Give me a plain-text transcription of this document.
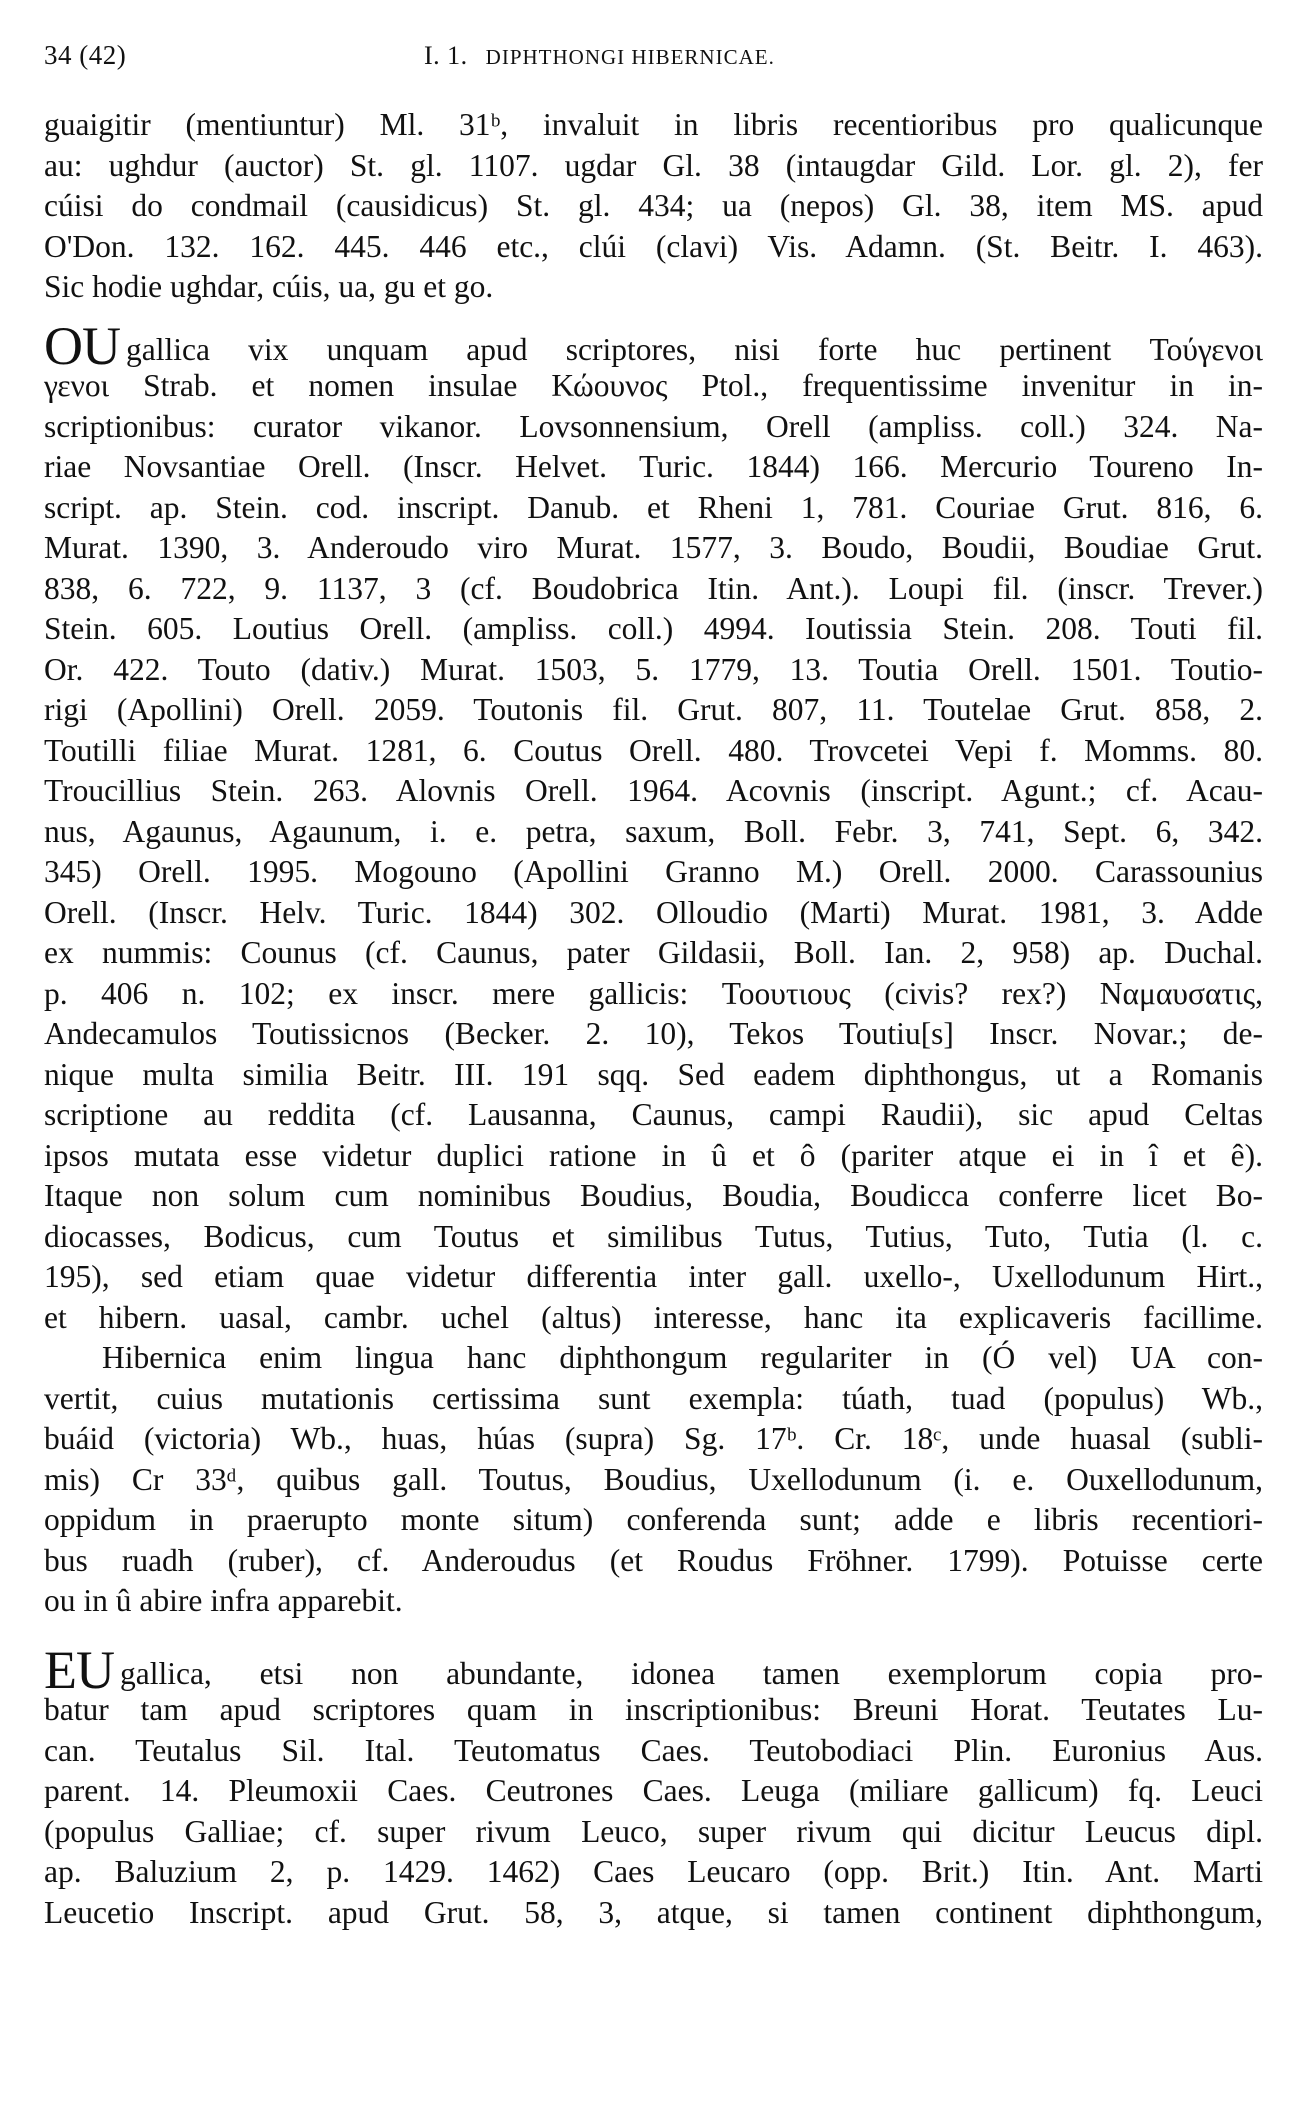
34 (42)	I. 1. DIPHTHONGI HIBERNICAE.
guaigitir (mentiuntur) Ml. 31ᵇ, invaluit in libris recentioribus pro qualicunque
au: ughdur (auctor) St. gl. 1107. ugdar Gl. 38 (intaugdar Gild. Lor. gl. 2), fer
cúisi do condmail (causidicus) St. gl. 434; ua (nepos) Gl. 38, item MS. apud
O'Don. 132. 162. 445. 446 etc., clúi (clavi) Vis. Adamn. (St. Beitr. I. 463).
Sic hodie ughdar, cúis, ua, gu et go.
OU gallica vix unquam apud scriptores, nisi forte huc pertinent Τούγενοι
γενοι Strab. et nomen insulae Κώουνος Ptol., frequentissime invenitur in in-
scriptionibus: curator vikanor. Lovsonnensium, Orell (ampliss. coll.) 324. Na-
riae Novsantiae Orell. (Inscr. Helvet. Turic. 1844) 166. Mercurio Toureno In-
script. ap. Stein. cod. inscript. Danub. et Rheni 1, 781. Couriae Grut. 816, 6.
Murat. 1390, 3. Anderoudo viro Murat. 1577, 3. Boudo, Boudii, Boudiae Grut.
838, 6. 722, 9. 1137, 3 (cf. Boudobrica Itin. Ant.). Loupi fil. (inscr. Trever.)
Stein. 605. Loutius Orell. (ampliss. coll.) 4994. Ioutissia Stein. 208. Touti fil.
Or. 422. Touto (dativ.) Murat. 1503, 5. 1779, 13. Toutia Orell. 1501. Toutio-
rigi (Apollini) Orell. 2059. Toutonis fil. Grut. 807, 11. Toutelae Grut. 858, 2.
Toutilli filiae Murat. 1281, 6. Coutus Orell. 480. Trovcetei Vepi f. Momms. 80.
Troucillius Stein. 263. Alovnis Orell. 1964. Acovnis (inscript. Agunt.; cf. Acau-
nus, Agaunus, Agaunum, i. e. petra, saxum, Boll. Febr. 3, 741, Sept. 6, 342.
345) Orell. 1995. Mogouno (Apollini Granno M.) Orell. 2000. Carassounius
Orell. (Inscr. Helv. Turic. 1844) 302. Olloudio (Marti) Murat. 1981, 3. Adde
ex nummis: Counus (cf. Caunus, pater Gildasii, Boll. Ian. 2, 958) ap. Duchal.
p. 406 n. 102; ex inscr. mere gallicis: Τοουτιους (civis? rex?) Ναμαυσατις,
Andecamulos Toutissicnos (Becker. 2. 10), Tekos Toutiu[s] Inscr. Novar.; de-
nique multa similia Beitr. III. 191 sqq. Sed eadem diphthongus, ut a Romanis
scriptione au reddita (cf. Lausanna, Caunus, campi Raudii), sic apud Celtas
ipsos mutata esse videtur duplici ratione in û et ô (pariter atque ei in î et ê).
Itaque non solum cum nominibus Boudius, Boudia, Boudicca conferre licet Bo-
diocasses, Bodicus, cum Toutus et similibus Tutus, Tutius, Tuto, Tutia (l. c.
195), sed etiam quae videtur differentia inter gall. uxello-, Uxellodunum Hirt.,
et hibern. uasal, cambr. uchel (altus) interesse, hanc ita explicaveris facillime.
Hibernica enim lingua hanc diphthongum regulariter in (Ó vel) UA con-
vertit, cuius mutationis certissima sunt exempla: túath, tuad (populus) Wb.,
buáid (victoria) Wb., huas, húas (supra) Sg. 17ᵇ. Cr. 18ᶜ, unde huasal (subli-
mis) Cr 33ᵈ, quibus gall. Toutus, Boudius, Uxellodunum (i. e. Ouxellodunum,
oppidum in praerupto monte situm) conferenda sunt; adde e libris recentiori-
bus ruadh (ruber), cf. Anderoudus (et Roudus Fröhner. 1799). Potuisse certe
ou in û abire infra apparebit.
EU gallica, etsi non abundante, idonea tamen exemplorum copia pro-
batur tam apud scriptores quam in inscriptionibus: Breuni Horat. Teutates Lu-
can. Teutalus Sil. Ital. Teutomatus Caes. Teutobodiaci Plin. Euronius Aus.
parent. 14. Pleumoxii Caes. Ceutrones Caes. Leuga (miliare gallicum) fq. Leuci
(populus Galliae; cf. super rivum Leuco, super rivum qui dicitur Leucus dipl.
ap. Baluzium 2, p. 1429. 1462) Caes Leucaro (opp. Brit.) Itin. Ant. Marti
Leucetio Inscript. apud Grut. 58, 3, atque, si tamen continent diphthongum,
